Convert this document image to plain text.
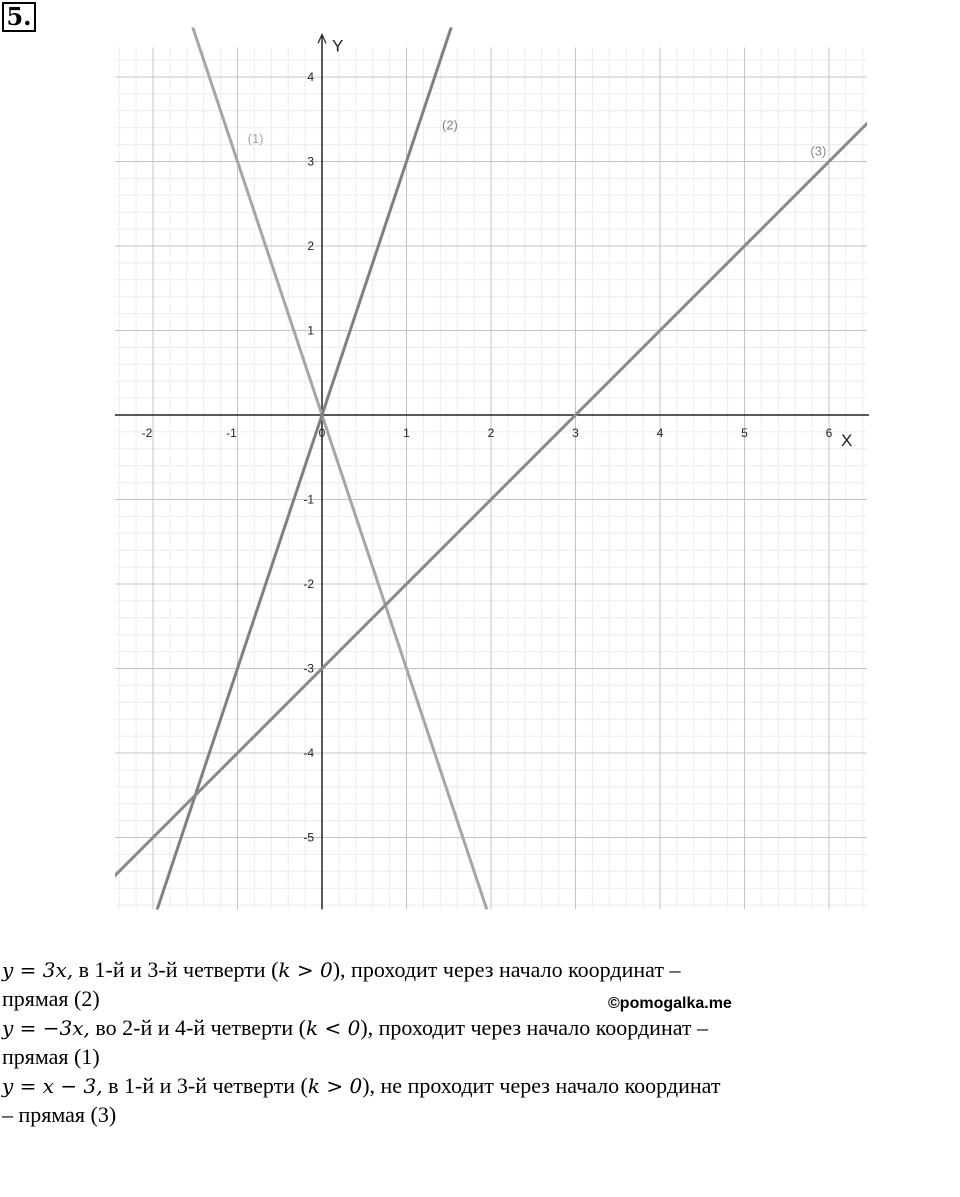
5.
-2	-1	0	1	2	3	4	5	6
-5
-4
-3
-2
-1
1
2
3
4
X
Y
(1)
(2)
(3)
©pomogalka.me
y = 3x, в 1-й и 3-й четверти (k > 0), проходит через начало координат –
прямая (2)
y = −3x, во 2-й и 4-й четверти (k < 0), проходит через начало координат –
прямая (1)
y = x − 3, в 1-й и 3-й четверти (k > 0), не проходит через начало координат
– прямая (3)
